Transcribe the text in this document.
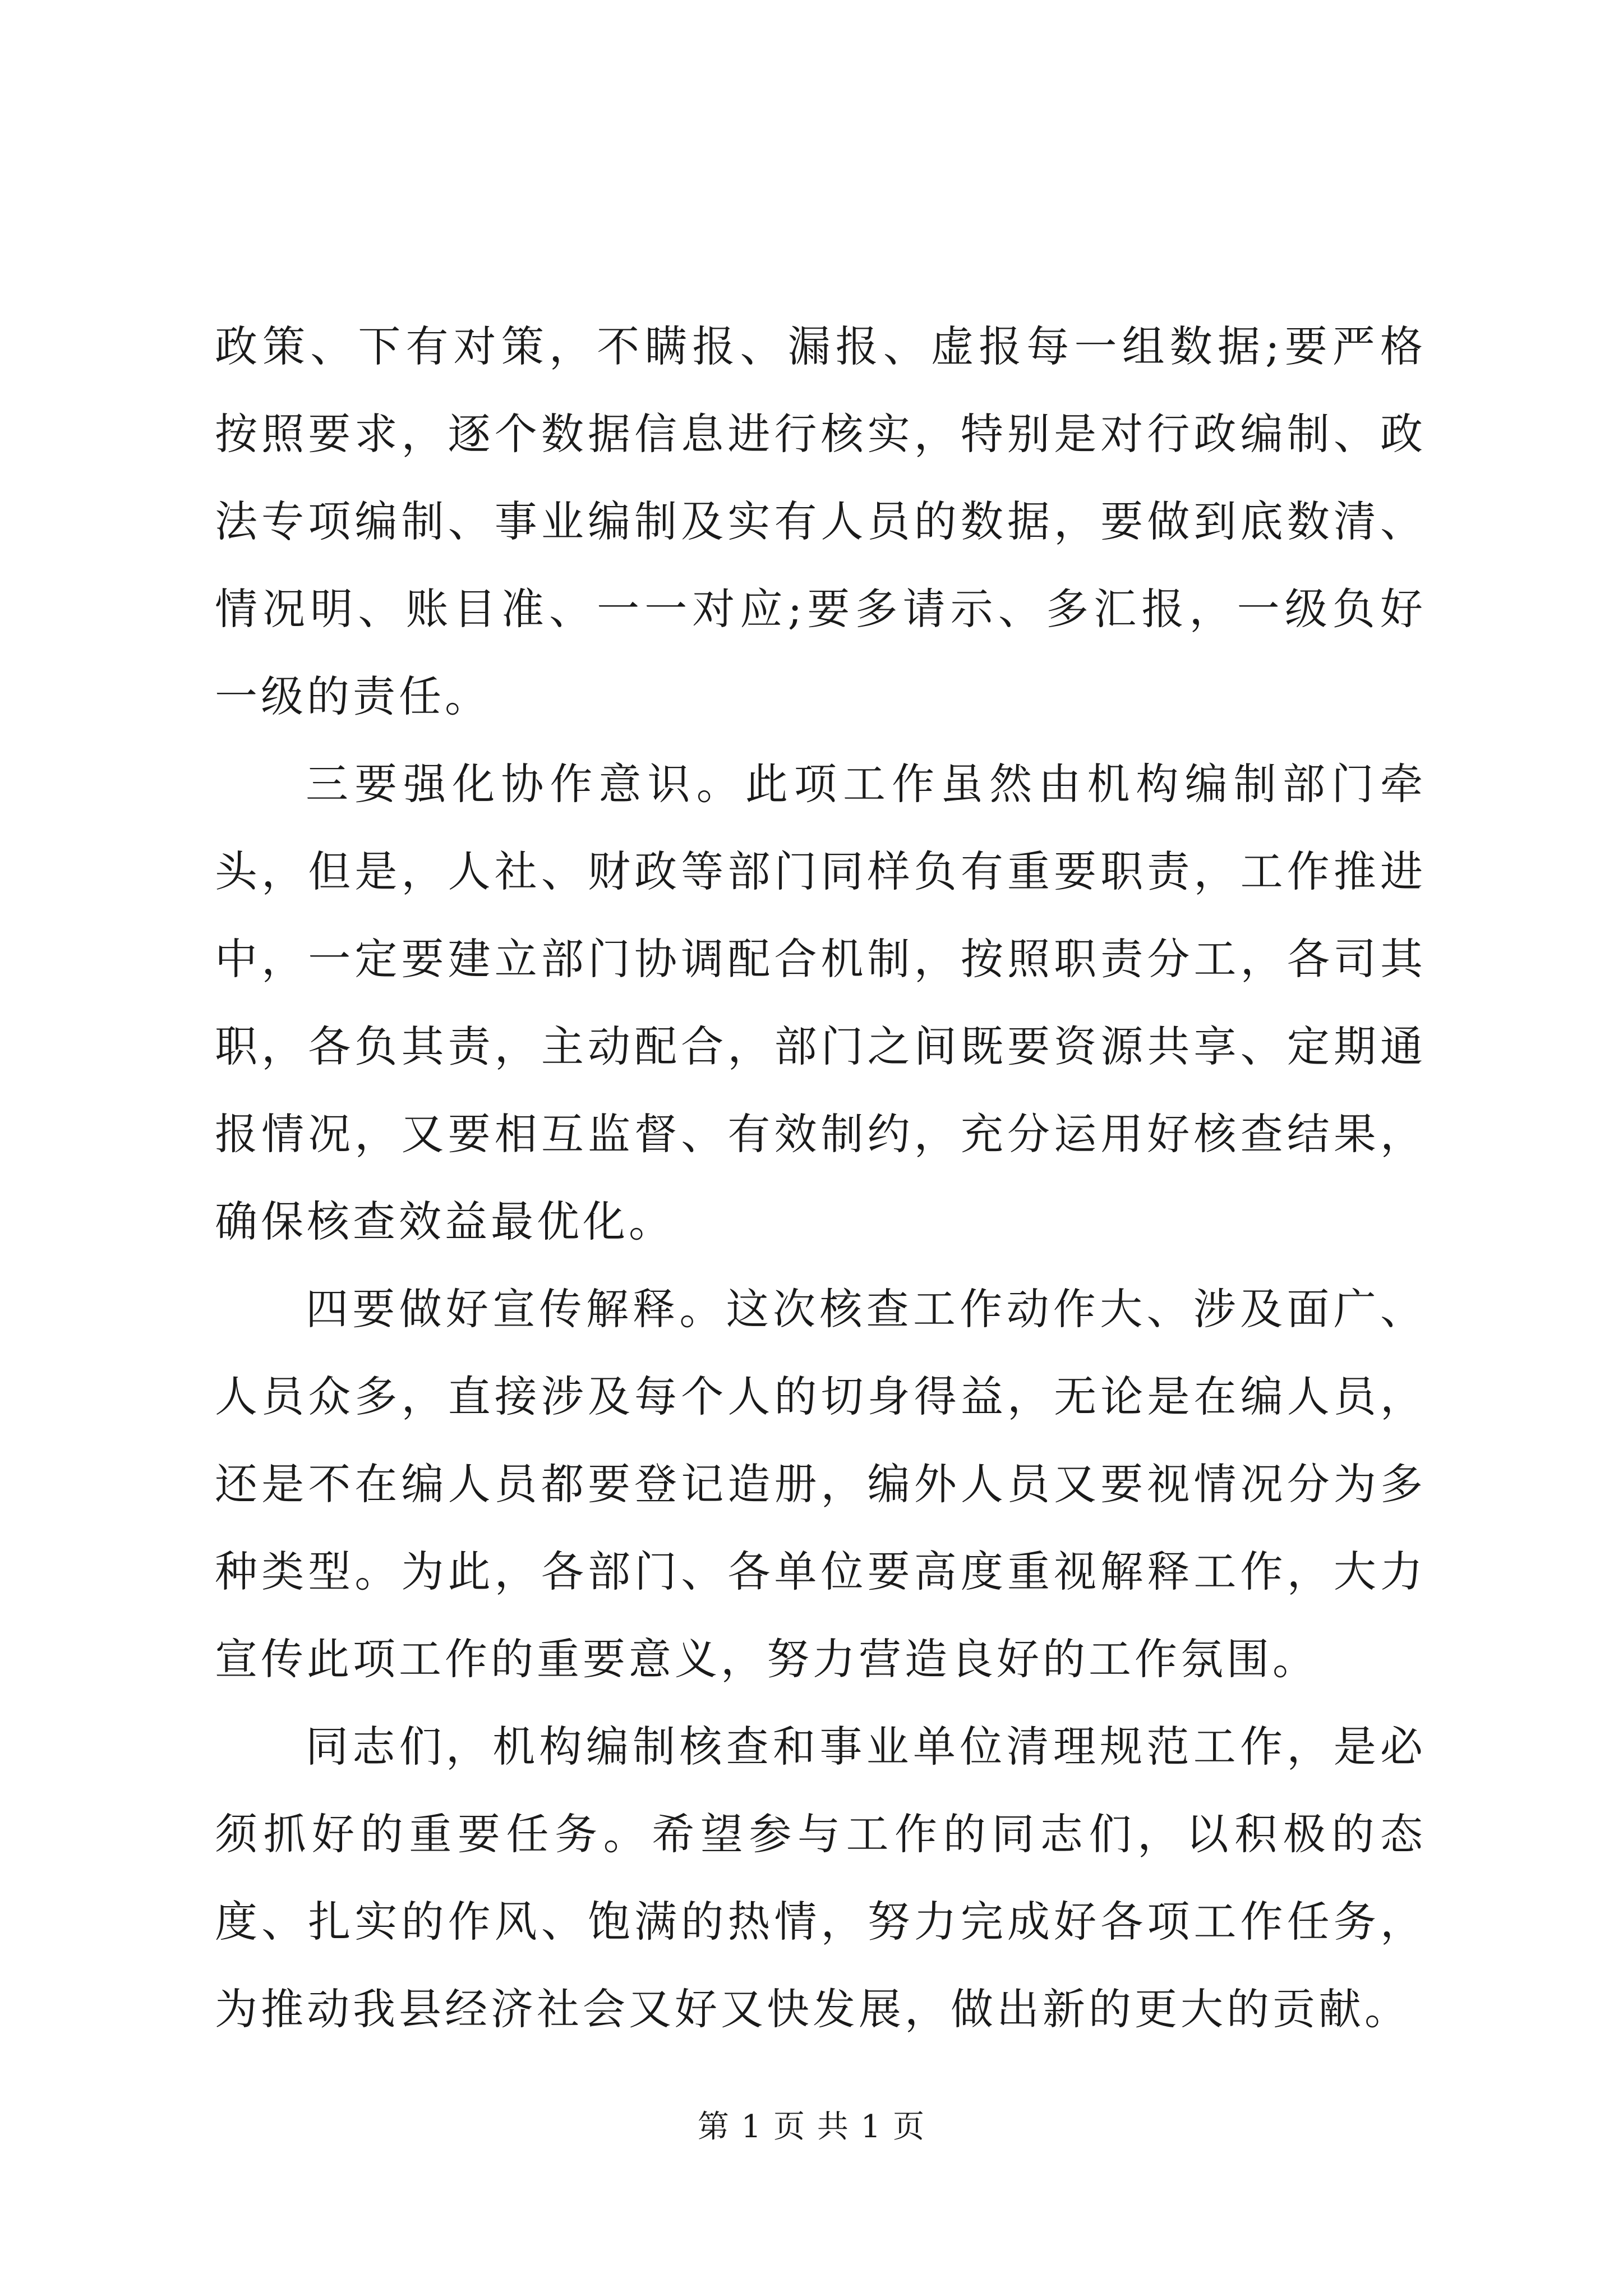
政策、下有对策，不瞒报、漏报、虚报每一组数据;要严格按照要求，逐个数据信息进行核实，特别是对行政编制、政法专项编制、事业编制及实有人员的数据，要做到底数清、情况明、账目准、一一对应;要多请示、多汇报，一级负好一级的责任。

三要强化协作意识。此项工作虽然由机构编制部门牵头，但是，人社、财政等部门同样负有重要职责，工作推进中，一定要建立部门协调配合机制，按照职责分工，各司其职，各负其责，主动配合，部门之间既要资源共享、定期通报情况，又要相互监督、有效制约，充分运用好核查结果，确保核查效益最优化。

四要做好宣传解释。这次核查工作动作大、涉及面广、人员众多，直接涉及每个人的切身得益，无论是在编人员，还是不在编人员都要登记造册，编外人员又要视情况分为多种类型。为此，各部门、各单位要高度重视解释工作，大力宣传此项工作的重要意义，努力营造良好的工作氛围。

同志们，机构编制核查和事业单位清理规范工作，是必须抓好的重要任务。希望参与工作的同志们，以积极的态度、扎实的作风、饱满的热情，努力完成好各项工作任务，为推动我县经济社会又好又快发展，做出新的更大的贡献。

第 1 页 共 1 页
